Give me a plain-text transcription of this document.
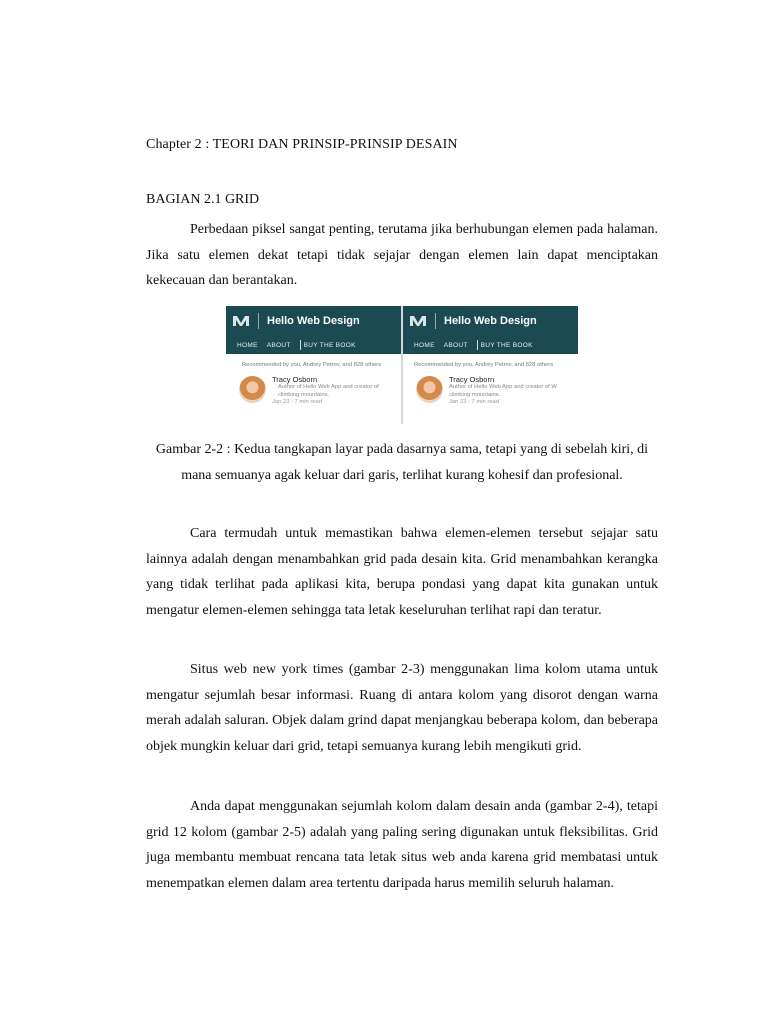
Chapter 2 : TEORI DAN PRINSIP-PRINSIP DESAIN
BAGIAN 2.1 GRID

Perbedaan piksel sangat penting, terutama jika berhubungan elemen pada halaman. Jika satu elemen dekat tetapi tidak sejajar dengan elemen lain dapat menciptakan kekecauan dan berantakan.

Hello Web Design
HOME ABOUT BUY THE BOOK
Recommended by you, Andrey Petrov, and 828 others
Tracy Osborn
Author of Hello Web App and creator of
climbing mountains.
Jan 23 · 7 min read
Hello Web Design
HOME ABOUT BUY THE BOOK
Recommended by you, Andrey Petrov, and 828 others
Tracy Osborn
Author of Hello Web App and creator of W
climbing mountains.
Jan 23 · 7 min read

Gambar 2-2 : Kedua tangkapan layar pada dasarnya sama, tetapi yang di sebelah kiri, di mana semuanya agak keluar dari garis, terlihat kurang kohesif dan profesional.

Cara termudah untuk memastikan bahwa elemen-elemen tersebut sejajar satu lainnya adalah dengan menambahkan grid pada desain kita. Grid menambahkan kerangka yang tidak terlihat pada aplikasi kita, berupa pondasi yang dapat kita gunakan untuk mengatur elemen-elemen sehingga tata letak keseluruhan terlihat rapi dan teratur.

Situs web new york times (gambar 2-3) menggunakan lima kolom utama untuk mengatur sejumlah besar informasi. Ruang di antara kolom yang disorot dengan warna merah adalah saluran. Objek dalam grind dapat menjangkau beberapa kolom, dan beberapa objek mungkin keluar dari grid, tetapi semuanya kurang lebih mengikuti grid.

Anda dapat menggunakan sejumlah kolom dalam desain anda (gambar 2-4), tetapi grid 12 kolom (gambar 2-5) adalah yang paling sering digunakan untuk fleksibilitas. Grid juga membantu membuat rencana tata letak situs web anda karena grid membatasi untuk menempatkan elemen dalam area tertentu daripada harus memilih seluruh halaman.
